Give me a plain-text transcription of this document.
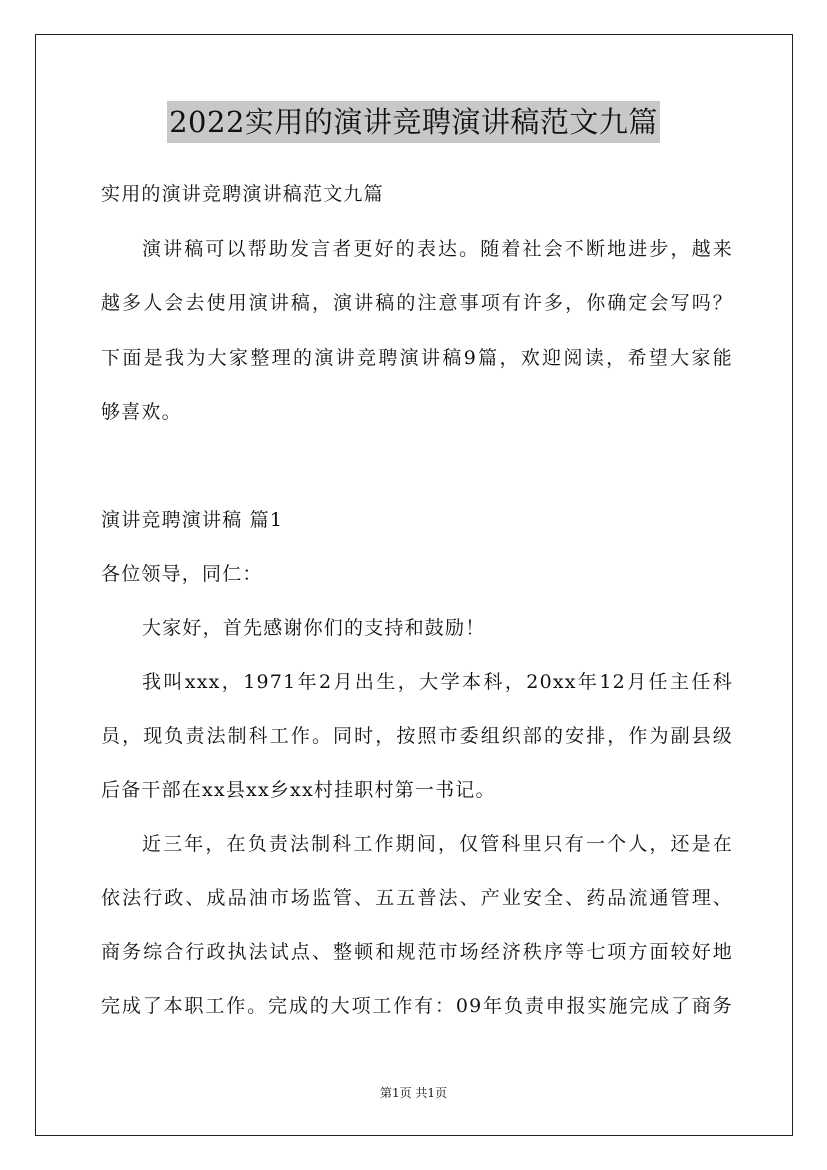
2022实用的演讲竞聘演讲稿范文九篇
实用的演讲竞聘演讲稿范文九篇
演讲稿可以帮助发言者更好的表达。随着社会不断地进步，越来
越多人会去使用演讲稿，演讲稿的注意事项有许多，你确定会写吗？
下面是我为大家整理的演讲竞聘演讲稿9篇，欢迎阅读，希望大家能
够喜欢。
演讲竞聘演讲稿 篇1
各位领导，同仁：
大家好，首先感谢你们的支持和鼓励！
我叫xxx，1971年2月出生，大学本科，20xx年12月任主任科
员，现负责法制科工作。同时，按照市委组织部的安排，作为副县级
后备干部在xx县xx乡xx村挂职村第一书记。
近三年，在负责法制科工作期间，仅管科里只有一个人，还是在
依法行政、成品油市场监管、五五普法、产业安全、药品流通管理、
商务综合行政执法试点、整顿和规范市场经济秩序等七项方面较好地
完成了本职工作。完成的大项工作有：09年负责申报实施完成了商务
第1页 共1页
